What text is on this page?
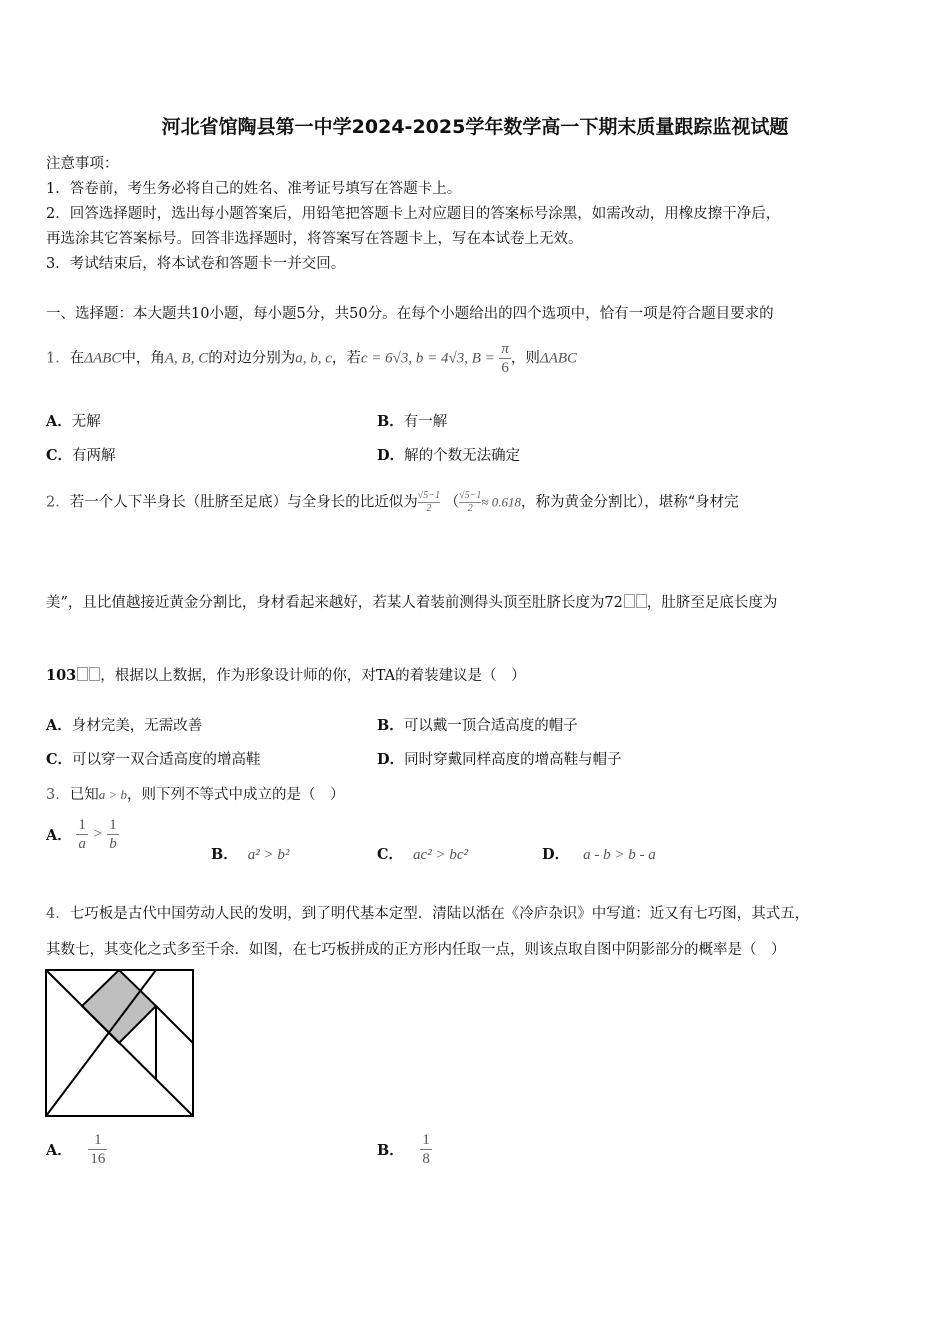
河北省馆陶县第一中学2024-2025学年数学高一下期末质量跟踪监视试题
注意事项：
1．答卷前，考生务必将自己的姓名、准考证号填写在答题卡上。
2．回答选择题时，选出每小题答案后，用铅笔把答题卡上对应题目的答案标号涂黑，如需改动，用橡皮擦干净后，
再选涂其它答案标号。回答非选择题时，将答案写在答题卡上，写在本试卷上无效。
3．考试结束后，将本试卷和答题卡一并交回。
一、选择题：本大题共10小题，每小题5分，共50分。在每个小题给出的四个选项中，恰有一项是符合题目要求的
1．在ΔABC中，角A, B, C的对边分别为a, b, c，若c = 6√3, b = 4√3, $B = \frac{\pi}{6}$ ，则ΔABC
A．无解	B．有一解
C．有两解	D．解的个数无法确定
2．若一个人下半身长（肚脐至足底）与全身长的比近似为 $\frac{√5-1}{2}$ （ $\frac{√5-1}{2} \approx 0.618$，称为黄金分割比），堪称“身材完
美”，且比值越接近黄金分割比，身材看起来越好，若某人着装前测得头顶至肚脐长度为72 ，肚脐至足底长度为
103 ，根据以上数据，作为形象设计师的你，对TA的着装建议是（　）
A．身材完美，无需改善	B．可以戴一顶合适高度的帽子
C．可以穿一双合适高度的增高鞋	D．同时穿戴同样高度的增高鞋与帽子
3．已知a > b，则下列不等式中成立的是（　）
A． $\frac{1}{a} > \frac{1}{b}$
B． a² > b²	C． ac² > bc²	D． a - b > b - a
4．七巧板是古代中国劳动人民的发明，到了明代基本定型．清陆以湉在《冷庐杂识》中写道：近又有七巧图，其式五，
其数七，其变化之式多至千余．如图，在七巧板拼成的正方形内任取一点，则该点取自图中阴影部分的概率是（　）
A． $\frac{1}{16}$	B． $\frac{1}{8}$
